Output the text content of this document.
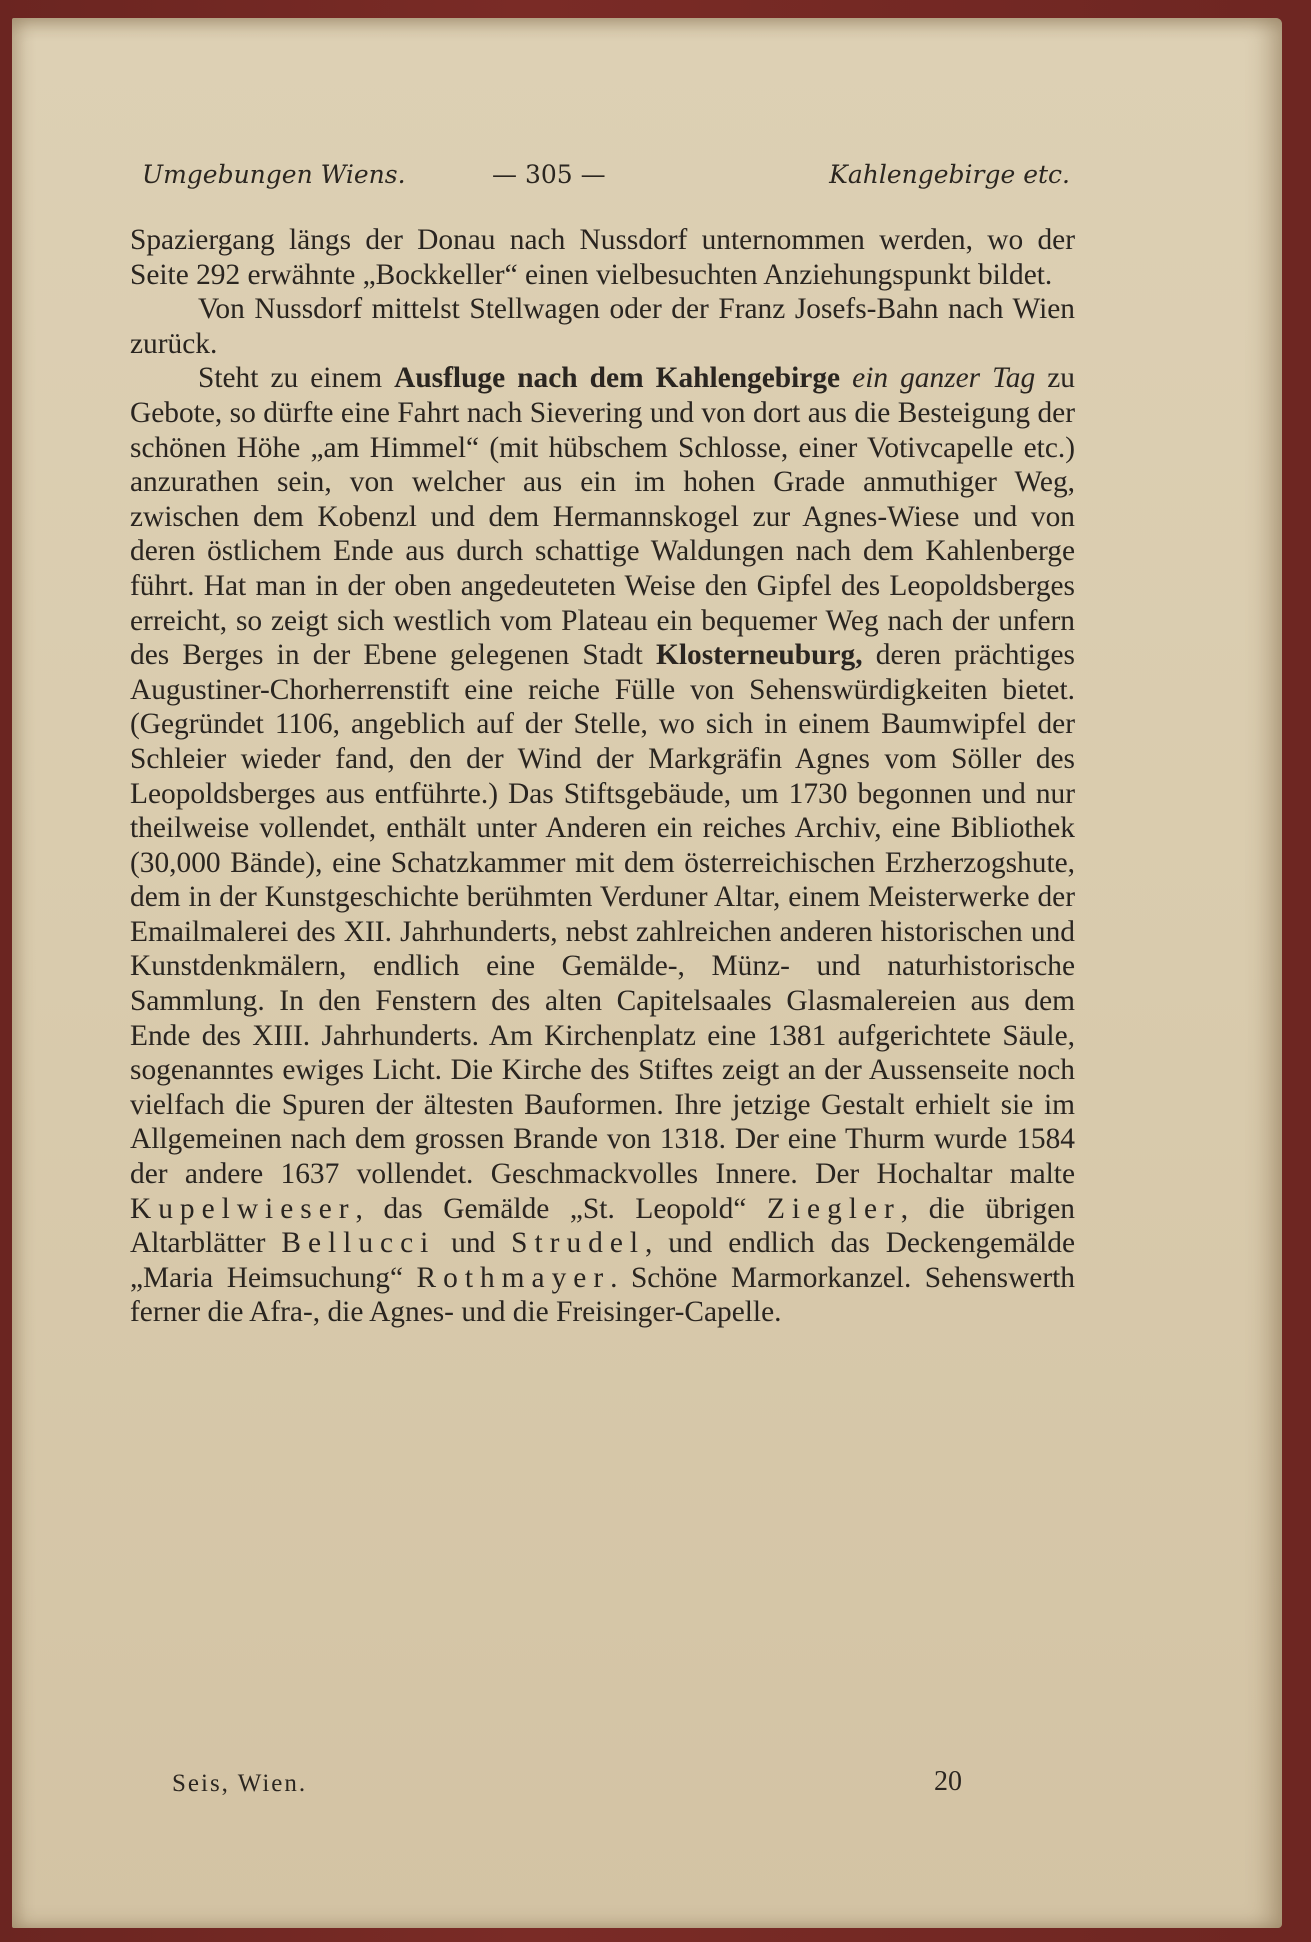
Umgebungen Wiens.	— 305 —	Kahlengebirge etc.

Spaziergang längs der Donau nach Nussdorf unternommen werden, wo der Seite 292 erwähnte „Bockkeller“ einen vielbesuchten Anziehungspunkt bildet.

Von Nussdorf mittelst Stellwagen oder der Franz Josefs-Bahn nach Wien zurück.

Steht zu einem Ausfluge nach dem Kahlengebirge ein ganzer Tag zu Gebote, so dürfte eine Fahrt nach Sievering und von dort aus die Besteigung der schönen Höhe „am Himmel“ (mit hübschem Schlosse, einer Votivcapelle etc.) anzurathen sein, von welcher aus ein im hohen Grade anmuthiger Weg, zwischen dem Kobenzl und dem Hermannskogel zur Agnes-Wiese und von deren östlichem Ende aus durch schattige Waldungen nach dem Kahlenberge führt. Hat man in der oben angedeuteten Weise den Gipfel des Leopoldsberges erreicht, so zeigt sich westlich vom Plateau ein bequemer Weg nach der unfern des Berges in der Ebene gelegenen Stadt Klosterneuburg, deren prächtiges Augustiner-Chorherrenstift eine reiche Fülle von Sehenswürdigkeiten bietet. (Gegründet 1106, angeblich auf der Stelle, wo sich in einem Baumwipfel der Schleier wieder fand, den der Wind der Markgräfin Agnes vom Söller des Leopoldsberges aus entführte.) Das Stiftsgebäude, um 1730 begonnen und nur theilweise vollendet, enthält unter Anderen ein reiches Archiv, eine Bibliothek (30,000 Bände), eine Schatzkammer mit dem österreichischen Erzherzogshute, dem in der Kunstgeschichte berühmten Verduner Altar, einem Meisterwerke der Emailmalerei des XII. Jahrhunderts, nebst zahlreichen anderen historischen und Kunstdenkmälern, endlich eine Gemälde-, Münz- und naturhistorische Sammlung. In den Fenstern des alten Capitelsaales Glasmalereien aus dem Ende des XIII. Jahrhunderts. Am Kirchenplatz eine 1381 aufgerichtete Säule, sogenanntes ewiges Licht. Die Kirche des Stiftes zeigt an der Aussenseite noch vielfach die Spuren der ältesten Bauformen. Ihre jetzige Gestalt erhielt sie im Allgemeinen nach dem grossen Brande von 1318. Der eine Thurm wurde 1584 der andere 1637 vollendet. Geschmackvolles Innere. Der Hochaltar malte Kupelwieser, das Gemälde „St. Leopold“ Ziegler, die übrigen Altarblätter Bellucci und Strudel, und endlich das Deckengemälde „Maria Heimsuchung“ Rothmayer. Schöne Marmorkanzel. Sehenswerth ferner die Afra-, die Agnes- und die Freisinger-Capelle.

Seis, Wien.	20
